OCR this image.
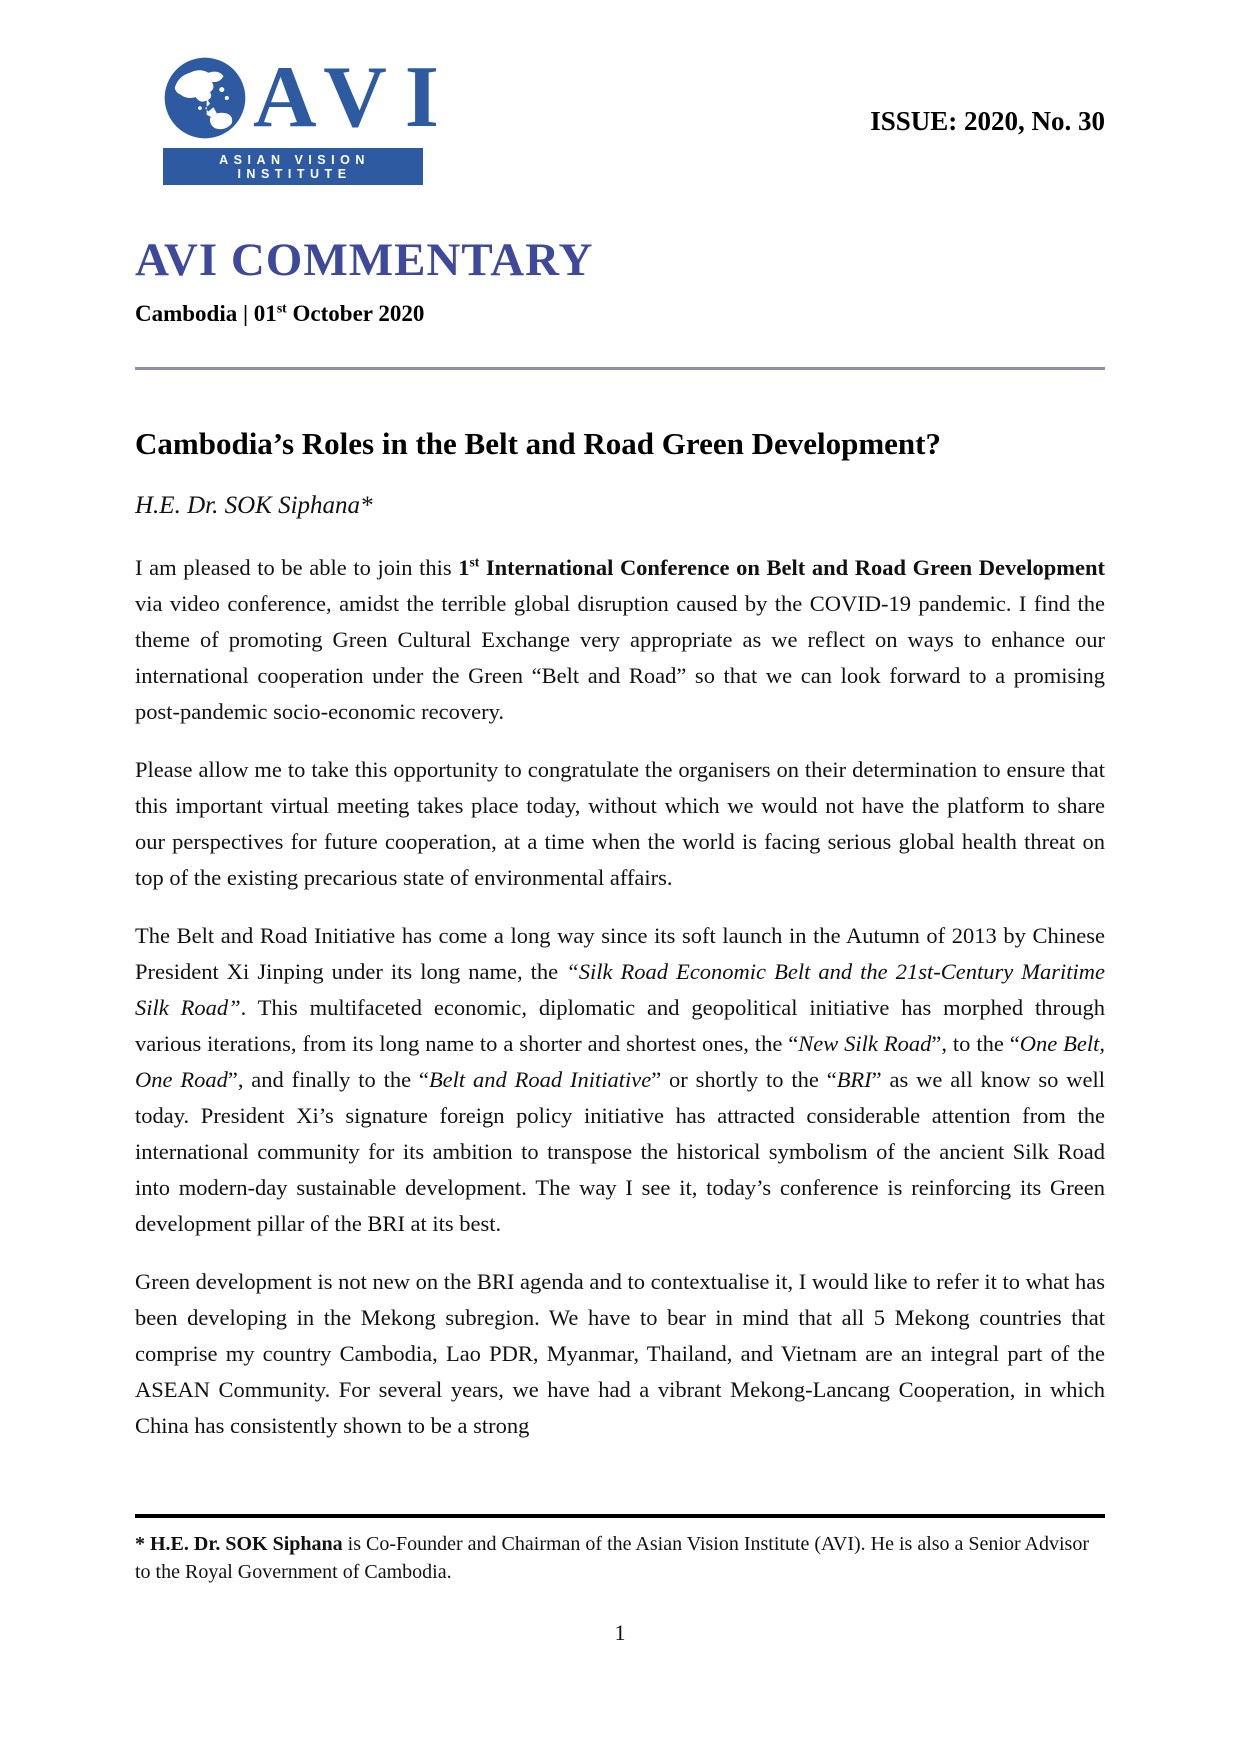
AVI
ASIAN VISION INSTITUTE
ISSUE: 2020, No. 30
AVI COMMENTARY

Cambodia | 01st October 2020

Cambodia’s Roles in the Belt and Road Green Development?

H.E. Dr. SOK Siphana*

I am pleased to be able to join this 1st International Conference on Belt and Road Green Development via video conference, amidst the terrible global disruption caused by the COVID-19 pandemic. I find the theme of promoting Green Cultural Exchange very appropriate as we reflect on ways to enhance our international cooperation under the Green “Belt and Road” so that we can look forward to a promising post-pandemic socio-economic recovery.

Please allow me to take this opportunity to congratulate the organisers on their determination to ensure that this important virtual meeting takes place today, without which we would not have the platform to share our perspectives for future cooperation, at a time when the world is facing serious global health threat on top of the existing precarious state of environmental affairs.

The Belt and Road Initiative has come a long way since its soft launch in the Autumn of 2013 by Chinese President Xi Jinping under its long name, the “Silk Road Economic Belt and the 21st-Century Maritime Silk Road”. This multifaceted economic, diplomatic and geopolitical initiative has morphed through various iterations, from its long name to a shorter and shortest ones, the “New Silk Road”, to the “One Belt, One Road”, and finally to the “Belt and Road Initiative” or shortly to the “BRI” as we all know so well today. President Xi’s signature foreign policy initiative has attracted considerable attention from the international community for its ambition to transpose the historical symbolism of the ancient Silk Road into modern-day sustainable development. The way I see it, today’s conference is reinforcing its Green development pillar of the BRI at its best.

Green development is not new on the BRI agenda and to contextualise it, I would like to refer it to what has been developing in the Mekong subregion. We have to bear in mind that all 5 Mekong countries that comprise my country Cambodia, Lao PDR, Myanmar, Thailand, and Vietnam are an integral part of the ASEAN Community. For several years, we have had a vibrant Mekong-Lancang Cooperation, in which China has consistently shown to be a strong

* H.E. Dr. SOK Siphana is Co-Founder and Chairman of the Asian Vision Institute (AVI). He is also a Senior Advisor to the Royal Government of Cambodia.

1
